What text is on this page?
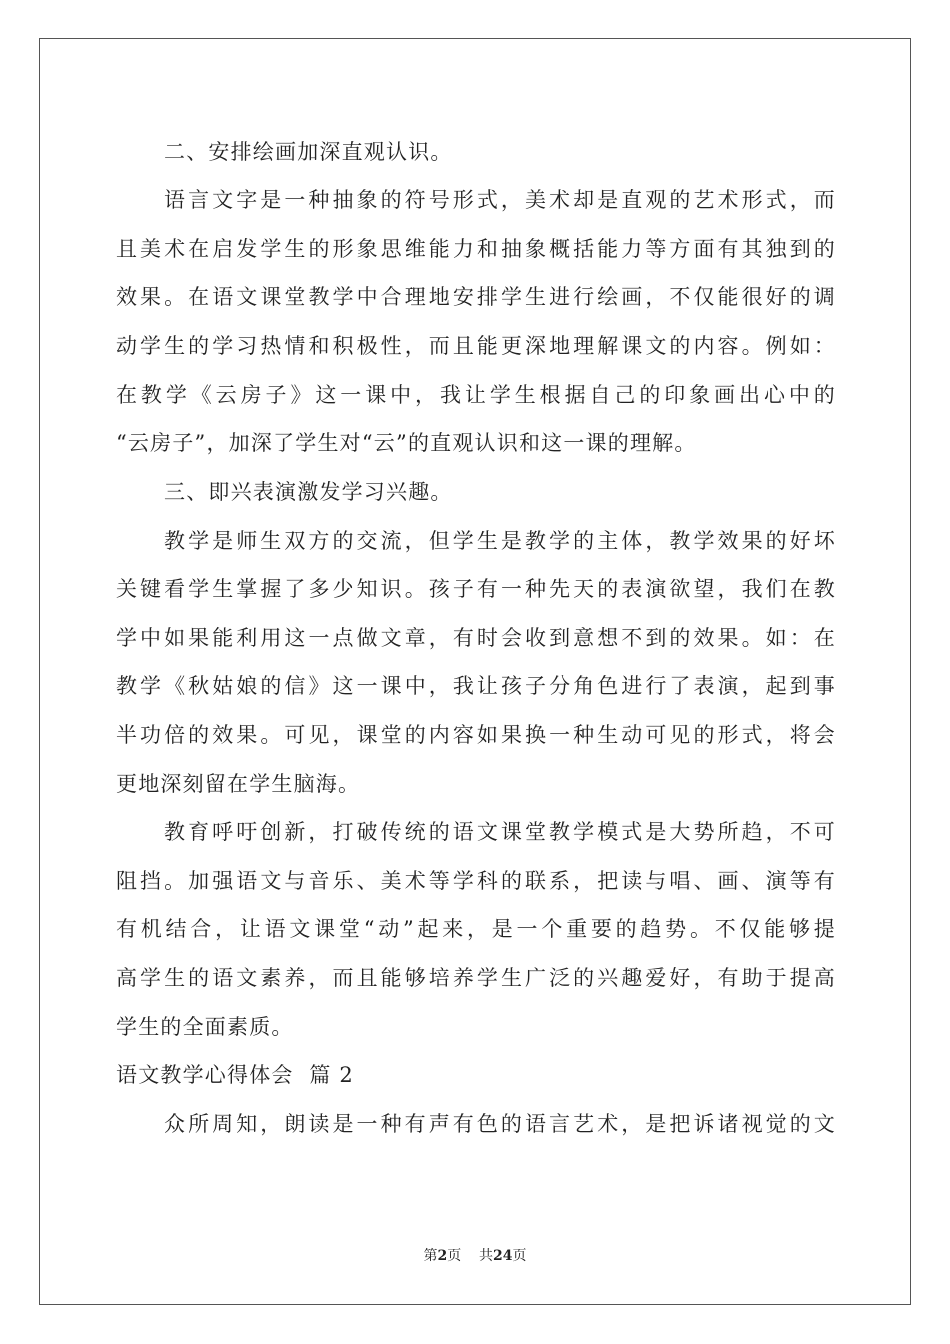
二、安排绘画加深直观认识。
语言文字是一种抽象的符号形式，美术却是直观的艺术形式，而
且美术在启发学生的形象思维能力和抽象概括能力等方面有其独到的
效果。在语文课堂教学中合理地安排学生进行绘画，不仅能很好的调
动学生的学习热情和积极性，而且能更深地理解课文的内容。例如：
在教学《云房子》这一课中，我让学生根据自己的印象画出心中的
“云房子”，加深了学生对“云”的直观认识和这一课的理解。
三、即兴表演激发学习兴趣。
教学是师生双方的交流，但学生是教学的主体，教学效果的好坏
关键看学生掌握了多少知识。孩子有一种先天的表演欲望，我们在教
学中如果能利用这一点做文章，有时会收到意想不到的效果。如：在
教学《秋姑娘的信》这一课中，我让孩子分角色进行了表演，起到事
半功倍的效果。可见，课堂的内容如果换一种生动可见的形式，将会
更地深刻留在学生脑海。
教育呼吁创新，打破传统的语文课堂教学模式是大势所趋，不可
阻挡。加强语文与音乐、美术等学科的联系，把读与唱、画、演等有
有机结合，让语文课堂“动”起来，是一个重要的趋势。不仅能够提
高学生的语文素养，而且能够培养学生广泛的兴趣爱好，有助于提高
学生的全面素质。
语文教学心得体会  篇 2
众所周知，朗读是一种有声有色的语言艺术，是把诉诸视觉的文
第2页    共24页
